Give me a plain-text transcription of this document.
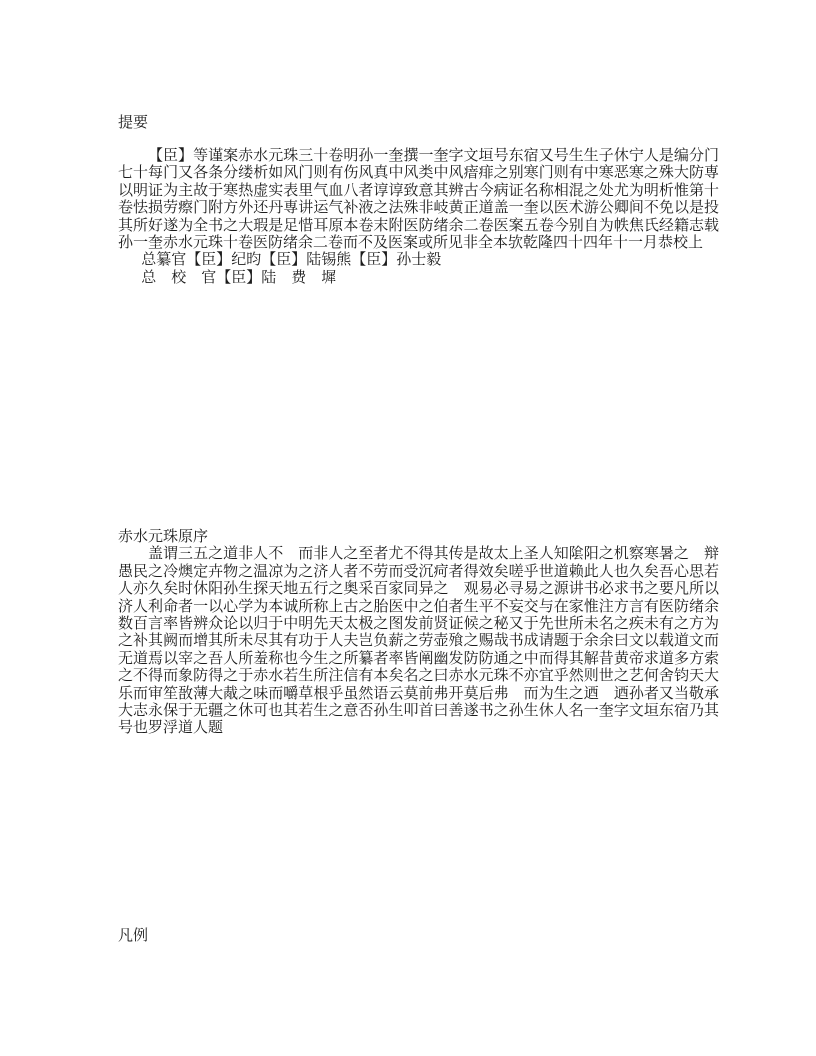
提要

【臣】等谨案赤水元珠三十卷明孙一奎撰一奎字文垣号东宿又号生生子休宁人是编分门七十每门又各条分缕析如风门则有伤风真中风类中风瘖痱之别寒门则有中寒恶寒之殊大防専以明证为主故于寒热虚实表里气血八者谆谆致意其辨古今病证名称相混之处尤为明析惟第十卷怯损劳瘵门附方外还丹専讲运气补液之法殊非岐黄正道盖一奎以医术游公卿间不免以是投其所好遂为全书之大瑕是足惜耳原本卷末附医防绪余二卷医案五卷今别自为帙焦氏经籍志载孙一奎赤水元珠十卷医防绪余二卷而不及医案或所见非全本欤乾隆四十四年十一月恭校上

总纂官【臣】纪昀【臣】陆锡熊【臣】孙士毅

总　校　官【臣】陆　费　墀

赤水元珠原序

盖谓三五之道非人不　而非人之至者尤不得其传是故太上圣人知隂阳之机察寒暑之　辩愚民之冷燠定卉物之温凉为之济人者不劳而受沉疴者得效矣嗟乎世道赖此人也久矣吾心思若人亦久矣时休阳孙生探天地五行之奥采百家同异之　观易必寻易之源讲书必求书之要凡所以济人利命者一以心学为本诚所称上古之胎医中之伯者生平不妄交与在家惟注方言有医防绪余数百言率皆辨众论以归于中明先天太极之图发前贤证候之秘又于先世所未名之疾未有之方为之补其阙而增其所未尽其有功于人夫岂负薪之劳壶飱之赐哉书成请题于余余曰文以载道文而无道焉以宰之吾人所羞称也今生之所纂者率皆阐幽发防防通之中而得其解昔黄帝求道多方索之不得而象防得之于赤水若生所注信有本矣名之曰赤水元珠不亦宜乎然则世之艺何舍钧天大乐而审笙敔薄大胾之味而嚼草根乎虽然语云莫前弗开莫后弗　而为生之迺　迺孙者又当敬承大志永保于无疆之休可也其若生之意否孙生叩首曰善遂书之孙生休人名一奎字文垣东宿乃其号也罗浮道人题

凡例
